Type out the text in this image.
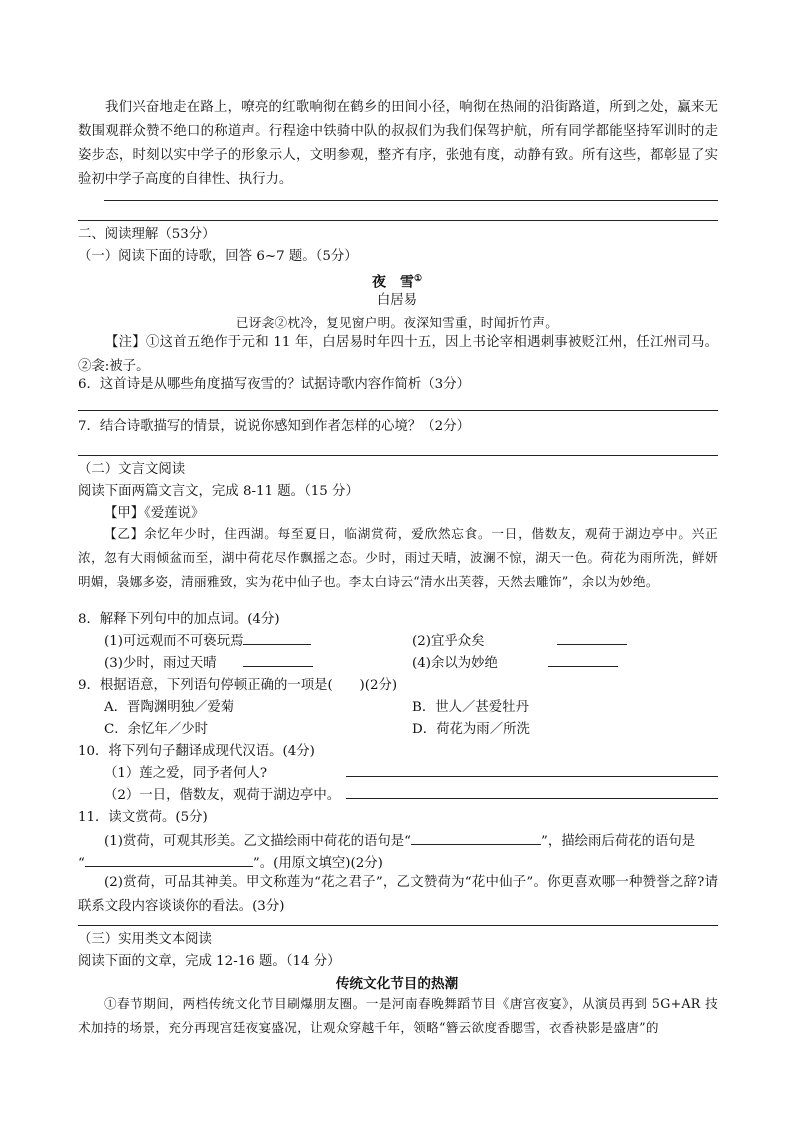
我们兴奋地走在路上，嘹亮的红歌响彻在鹤乡的田间小径，响彻在热闹的沿街路道，所到之处，赢来无数围观群众赞不绝口的称道声。行程途中铁骑中队的叔叔们为我们保驾护航，所有同学都能坚持军训时的走姿步态，时刻以实中学子的形象示人，文明参观，整齐有序，张弛有度，动静有致。所有这些，都彰显了实验初中学子高度的自律性、执行力。
二、阅读理解（53分）
（一）阅读下面的诗歌，回答 6~7 题。（5分）
夜　雪①
白居易
已讶衾②枕冷，复见窗户明。夜深知雪重，时闻折竹声。
【注】①这首五绝作于元和 11 年，白居易时年四十五，因上书论宰相遇刺事被贬江州，任江州司马。②衾:被子。
6．这首诗是从哪些角度描写夜雪的？试据诗歌内容作简析（3分）
7．结合诗歌描写的情景，说说你感知到作者怎样的心境？（2分）
（二）文言文阅读
阅读下面两篇文言文，完成 8-11 题。（15 分）
【甲】《爱莲说》
【乙】余忆年少时，住西湖。每至夏日，临湖赏荷，爱欣然忘食。一日，偕数友，观荷于湖边亭中。兴正浓，忽有大雨倾盆而至，湖中荷花尽作飘摇之态。少时，雨过天晴，波澜不惊，湖天一色。荷花为雨所洗，鲜妍明媚，袅娜多姿，清丽雅致，实为花中仙子也。李太白诗云“清水出芙蓉，天然去雕饰”，余以为妙绝。
8．解释下列句中的加点词。(4分)
(1)可远观而不可亵玩焉	(2)宜乎众矣
(3)少时，雨过天晴	(4)余以为妙绝
9．根据语意，下列语句停顿正确的一项是(　　)(2分)
A．晋陶渊明独／爱菊	B．世人／甚爱牡丹
C．余忆年／少时	D．荷花为雨／所洗
10．将下列句子翻译成现代汉语。(4分)
（1）莲之爱，同予者何人?
（2）一日，偕数友，观荷于湖边亭中。
11．读文赏荷。(5分)
(1)赏荷，可观其形美。乙文描绘雨中荷花的语句是“	”，描绘雨后荷花的语句是
“	”。(用原文填空)(2分)
(2)赏荷，可品其神美。甲文称莲为“花之君子”，乙文赞荷为“花中仙子”。你更喜欢哪一种赞誉之辞?请联系文段内容谈谈你的看法。(3分)
（三）实用类文本阅读
阅读下面的文章，完成 12-16 题。（14 分）
传统文化节目的热潮
①春节期间，两档传统文化节目刷爆朋友圈。一是河南春晚舞蹈节目《唐宫夜宴》，从演员再到 5G+AR 技术加持的场景，充分再现宫廷夜宴盛况，让观众穿越千年，领略“簪云欲度香腮雪，衣香袂影是盛唐”的
